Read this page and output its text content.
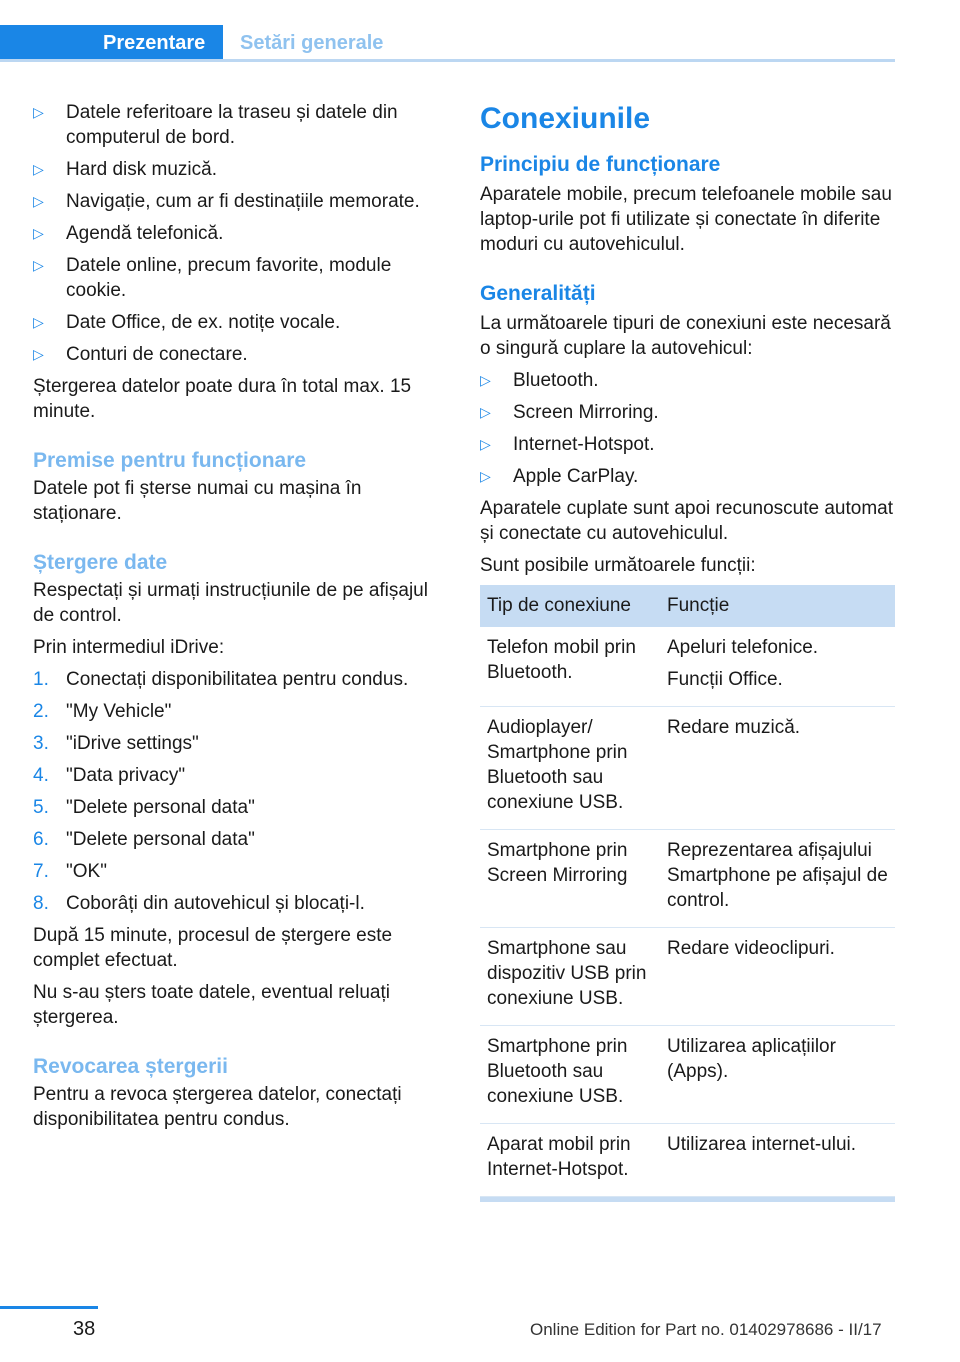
Prezentare	Setări generale
▷ Datele referitoare la traseu și datele din computerul de bord.
▷ Hard disk muzică.
▷ Navigație, cum ar fi destinațiile memorate.
▷ Agendă telefonică.
▷ Datele online, precum favorite, module cookie.
▷ Date Office, de ex. notițe vocale.
▷ Conturi de conectare.

Ștergerea datelor poate dura în total max. 15 minute.

Premise pentru funcționare

Datele pot fi șterse numai cu mașina în staționare.

Ștergere date

Respectați și urmați instrucțiunile de pe afișajul de control.

Prin intermediul iDrive:

1. Conectați disponibilitatea pentru condus.
2. "My Vehicle"
3. "iDrive settings"
4. "Data privacy"
5. "Delete personal data"
6. "Delete personal data"
7. "OK"
8. Coborâți din autovehicul și blocați-l.

După 15 minute, procesul de ștergere este complet efectuat.

Nu s-au șters toate datele, eventual reluați ștergerea.

Revocarea ștergerii

Pentru a revoca ștergerea datelor, conectați disponibilitatea pentru condus.

Conexiunile
Principiu de funcționare

Aparatele mobile, precum telefoanele mobile sau laptop-urile pot fi utilizate și conectate în diferite moduri cu autovehiculul.

Generalități

La următoarele tipuri de conexiuni este necesară o singură cuplare la autovehicul:

▷ Bluetooth.
▷ Screen Mirroring.
▷ Internet-Hotspot.
▷ Apple CarPlay.

Aparatele cuplate sunt apoi recunoscute automat și conectate cu autovehiculul.

Sunt posibile următoarele funcții:

Tip de conexiune	Funcție
Telefon mobil prin Bluetooth.	Apeluri telefonice.
Funcții Office.

Audioplayer/ Smartphone prin Bluetooth sau conexiune USB.	Redare muzică.

Smartphone prin Screen Mirroring	Reprezentarea afișajului Smartphone pe afișajul de control.

Smartphone sau dispozitiv USB prin conexiune USB.	Redare videoclipuri.

Smartphone prin Bluetooth sau conexiune USB.	Utilizarea aplicațiilor (Apps).

Aparat mobil prin Internet-Hotspot.	Utilizarea internet-ului.
38	Online Edition for Part no. 01402978686 - II/17
